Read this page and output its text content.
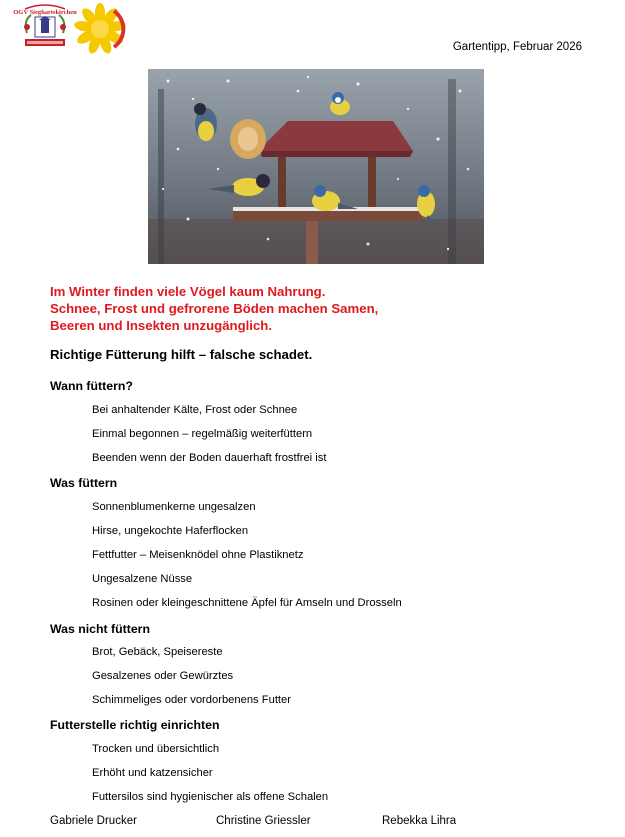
OGV Sieghartskirchen
Gartentipp, Februar 2026
Im Winter finden viele Vögel kaum Nahrung.
Schnee, Frost und gefrorene Böden machen Samen,
Beeren und Insekten unzugänglich.
Richtige Fütterung hilft – falsche schadet.
Wann füttern?
Bei anhaltender Kälte, Frost oder Schnee
Einmal begonnen – regelmäßig weiterfüttern
Beenden wenn der Boden dauerhaft frostfrei ist
Was füttern
Sonnenblumenkerne ungesalzen
Hirse, ungekochte Haferflocken
Fettfutter – Meisenknödel ohne Plastiknetz
Ungesalzene Nüsse
Rosinen oder kleingeschnittene Äpfel für Amseln und Drosseln
Was nicht füttern
Brot, Gebäck, Speisereste
Gesalzenes oder Gewürztes
Schimmeliges oder vordorbenens Futter
Futterstelle richtig einrichten
Trocken und übersichtlich
Erhöht und katzensicher
Futtersilos sind hygienischer als offene Schalen
Gabriele Drucker	Christine Griessler	Rebekka Lihra
